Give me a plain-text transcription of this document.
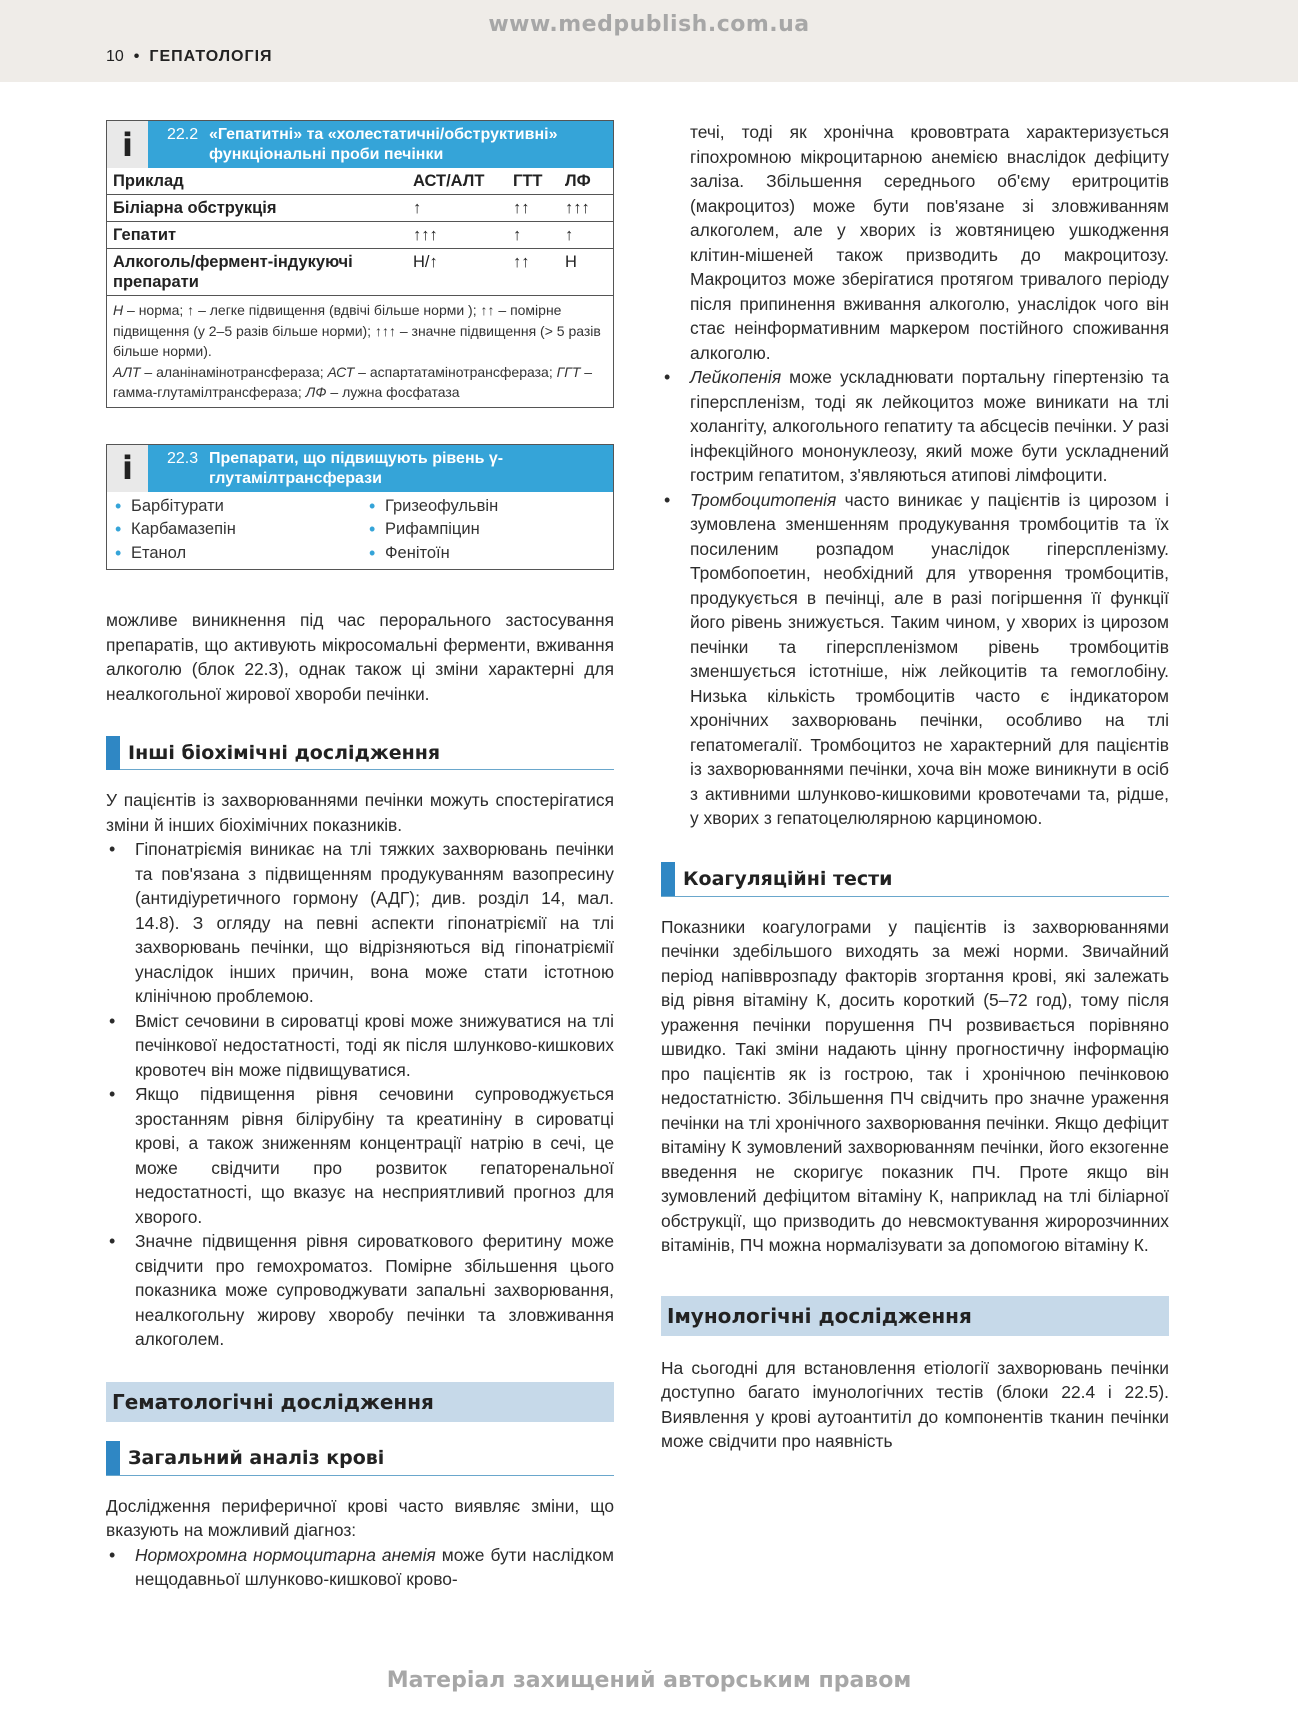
www.medpublish.com.ua
10 • ГЕПАТОЛОГІЯ
i	22.2 «Гепатитні» та «холестатичні/обструктивні» функціональні проби печінки
Приклад	АСТ/АЛТ	ГТТ	ЛФ
Біліарна обструкція	↑	↑↑	↑↑↑
Гепатит	↑↑↑	↑	↑
Алкоголь/фермент-індукуючі препарати	Н/↑	↑↑	Н
Н – норма; ↑ – легке підвищення (вдвічі більше норми ); ↑↑ – помірне підвищення (у 2–5 разів більше норми); ↑↑↑ – значне підвищення (> 5 разів більше норми).
АЛТ – аланінамінотрансфераза; АСТ – аспартатамінотрансфераза; ГГТ – гамма-глутамілтрансфераза; ЛФ – лужна фосфатаза
i	22.3 Препарати, що підвищують рівень γ-глутамілтрансферази
• Барбітурати	• Гризеофульвін
• Карбамазепін	• Рифампіцин
• Етанол	• Фенітоїн

можливе виникнення під час перорального застосування препаратів, що активують мікросомальні ферменти, вживання алкоголю (блок 22.3), однак також ці зміни характерні для неалкогольної жирової хвороби печінки.

Інші біохімічні дослідження

У пацієнтів із захворюваннями печінки можуть спостерігатися зміни й інших біохімічних показників.

• Гіпонатріємія виникає на тлі тяжких захворювань печінки та пов'язана з підвищенням продукуванням вазопресину (антидіуретичного гормону (АДГ); див. розділ 14, мал. 14.8). З огляду на певні аспекти гіпонатріємії на тлі захворювань печінки, що відрізняються від гіпонатріємії унаслідок інших причин, вона може стати істотною клінічною проблемою.
• Вміст сечовини в сироватці крові може знижуватися на тлі печінкової недостатності, тоді як після шлунково-кишкових кровотеч він може підвищуватися.
• Якщо підвищення рівня сечовини супроводжується зростанням рівня білірубіну та креатиніну в сироватці крові, а також зниженням концентрації натрію в сечі, це може свідчити про розвиток гепаторенальної недостатності, що вказує на несприятливий прогноз для хворого.
• Значне підвищення рівня сироваткового феритину може свідчити про гемохроматоз. Помірне збільшення цього показника може супроводжувати запальні захворювання, неалкогольну жирову хворобу печінки та зловживання алкоголем.
Гематологічні дослідження
Загальний аналіз крові

Дослідження периферичної крові часто виявляє зміни, що вказують на можливий діагноз:

• Нормохромна нормоцитарна анемія може бути наслідком нещодавньої шлунково-кишкової крово-

течі, тоді як хронічна крововтрата характеризується гіпохромною мікроцитарною анемією внаслідок дефіциту заліза. Збільшення середнього об'єму еритроцитів (макроцитоз) може бути пов'язане зі зловживанням алкоголем, але у хворих із жовтяницею ушкодження клітин-мішеней також призводить до макроцитозу. Макроцитоз може зберігатися протягом тривалого періоду після припинення вживання алкоголю, унаслідок чого він стає неінформативним маркером постійного споживання алкоголю.

• Лейкопенія може ускладнювати портальну гіпертензію та гіперспленізм, тоді як лейкоцитоз може виникати на тлі холангіту, алкогольного гепатиту та абсцесів печінки. У разі інфекційного мононуклеозу, який може бути ускладнений гострим гепатитом, з'являються атипові лімфоцити.
• Тромбоцитопенія часто виникає у пацієнтів із цирозом і зумовлена зменшенням продукування тромбоцитів та їх посиленим розпадом унаслідок гіперспленізму. Тромбопоетин, необхідний для утворення тромбоцитів, продукується в печінці, але в разі погіршення її функції його рівень знижується. Таким чином, у хворих із цирозом печінки та гіперспленізмом рівень тромбоцитів зменшується істотніше, ніж лейкоцитів та гемоглобіну. Низька кількість тромбоцитів часто є індикатором хронічних захворювань печінки, особливо на тлі гепатомегалії. Тромбоцитоз не характерний для пацієнтів із захворюваннями печінки, хоча він може виникнути в осіб з активними шлунково-кишковими кровотечами та, рідше, у хворих з гепатоцелюлярною карциномою.
Коагуляційні тести

Показники коагулограми у пацієнтів із захворюваннями печінки здебільшого виходять за межі норми. Звичайний період напівврозпаду факторів згортання крові, які залежать від рівня вітаміну К, досить короткий (5–72 год), тому після ураження печінки порушення ПЧ розвивається порівняно швидко. Такі зміни надають цінну прогностичну інформацію про пацієнтів як із гострою, так і хронічною печінковою недостатністю. Збільшення ПЧ свідчить про значне ураження печінки на тлі хронічного захворювання печінки. Якщо дефіцит вітаміну К зумовлений захворюванням печінки, його екзогенне введення не скоригує показник ПЧ. Проте якщо він зумовлений дефіцитом вітаміну К, наприклад на тлі біліарної обструкції, що призводить до невсмоктування жиророзчинних вітамінів, ПЧ можна нормалізувати за допомогою вітаміну К.

Імунологічні дослідження

На сьогодні для встановлення етіології захворювань печінки доступно багато імунологічних тестів (блоки 22.4 і 22.5). Виявлення у крові аутоантитіл до компонентів тканин печінки може свідчити про наявність

Матеріал захищений авторським правом
